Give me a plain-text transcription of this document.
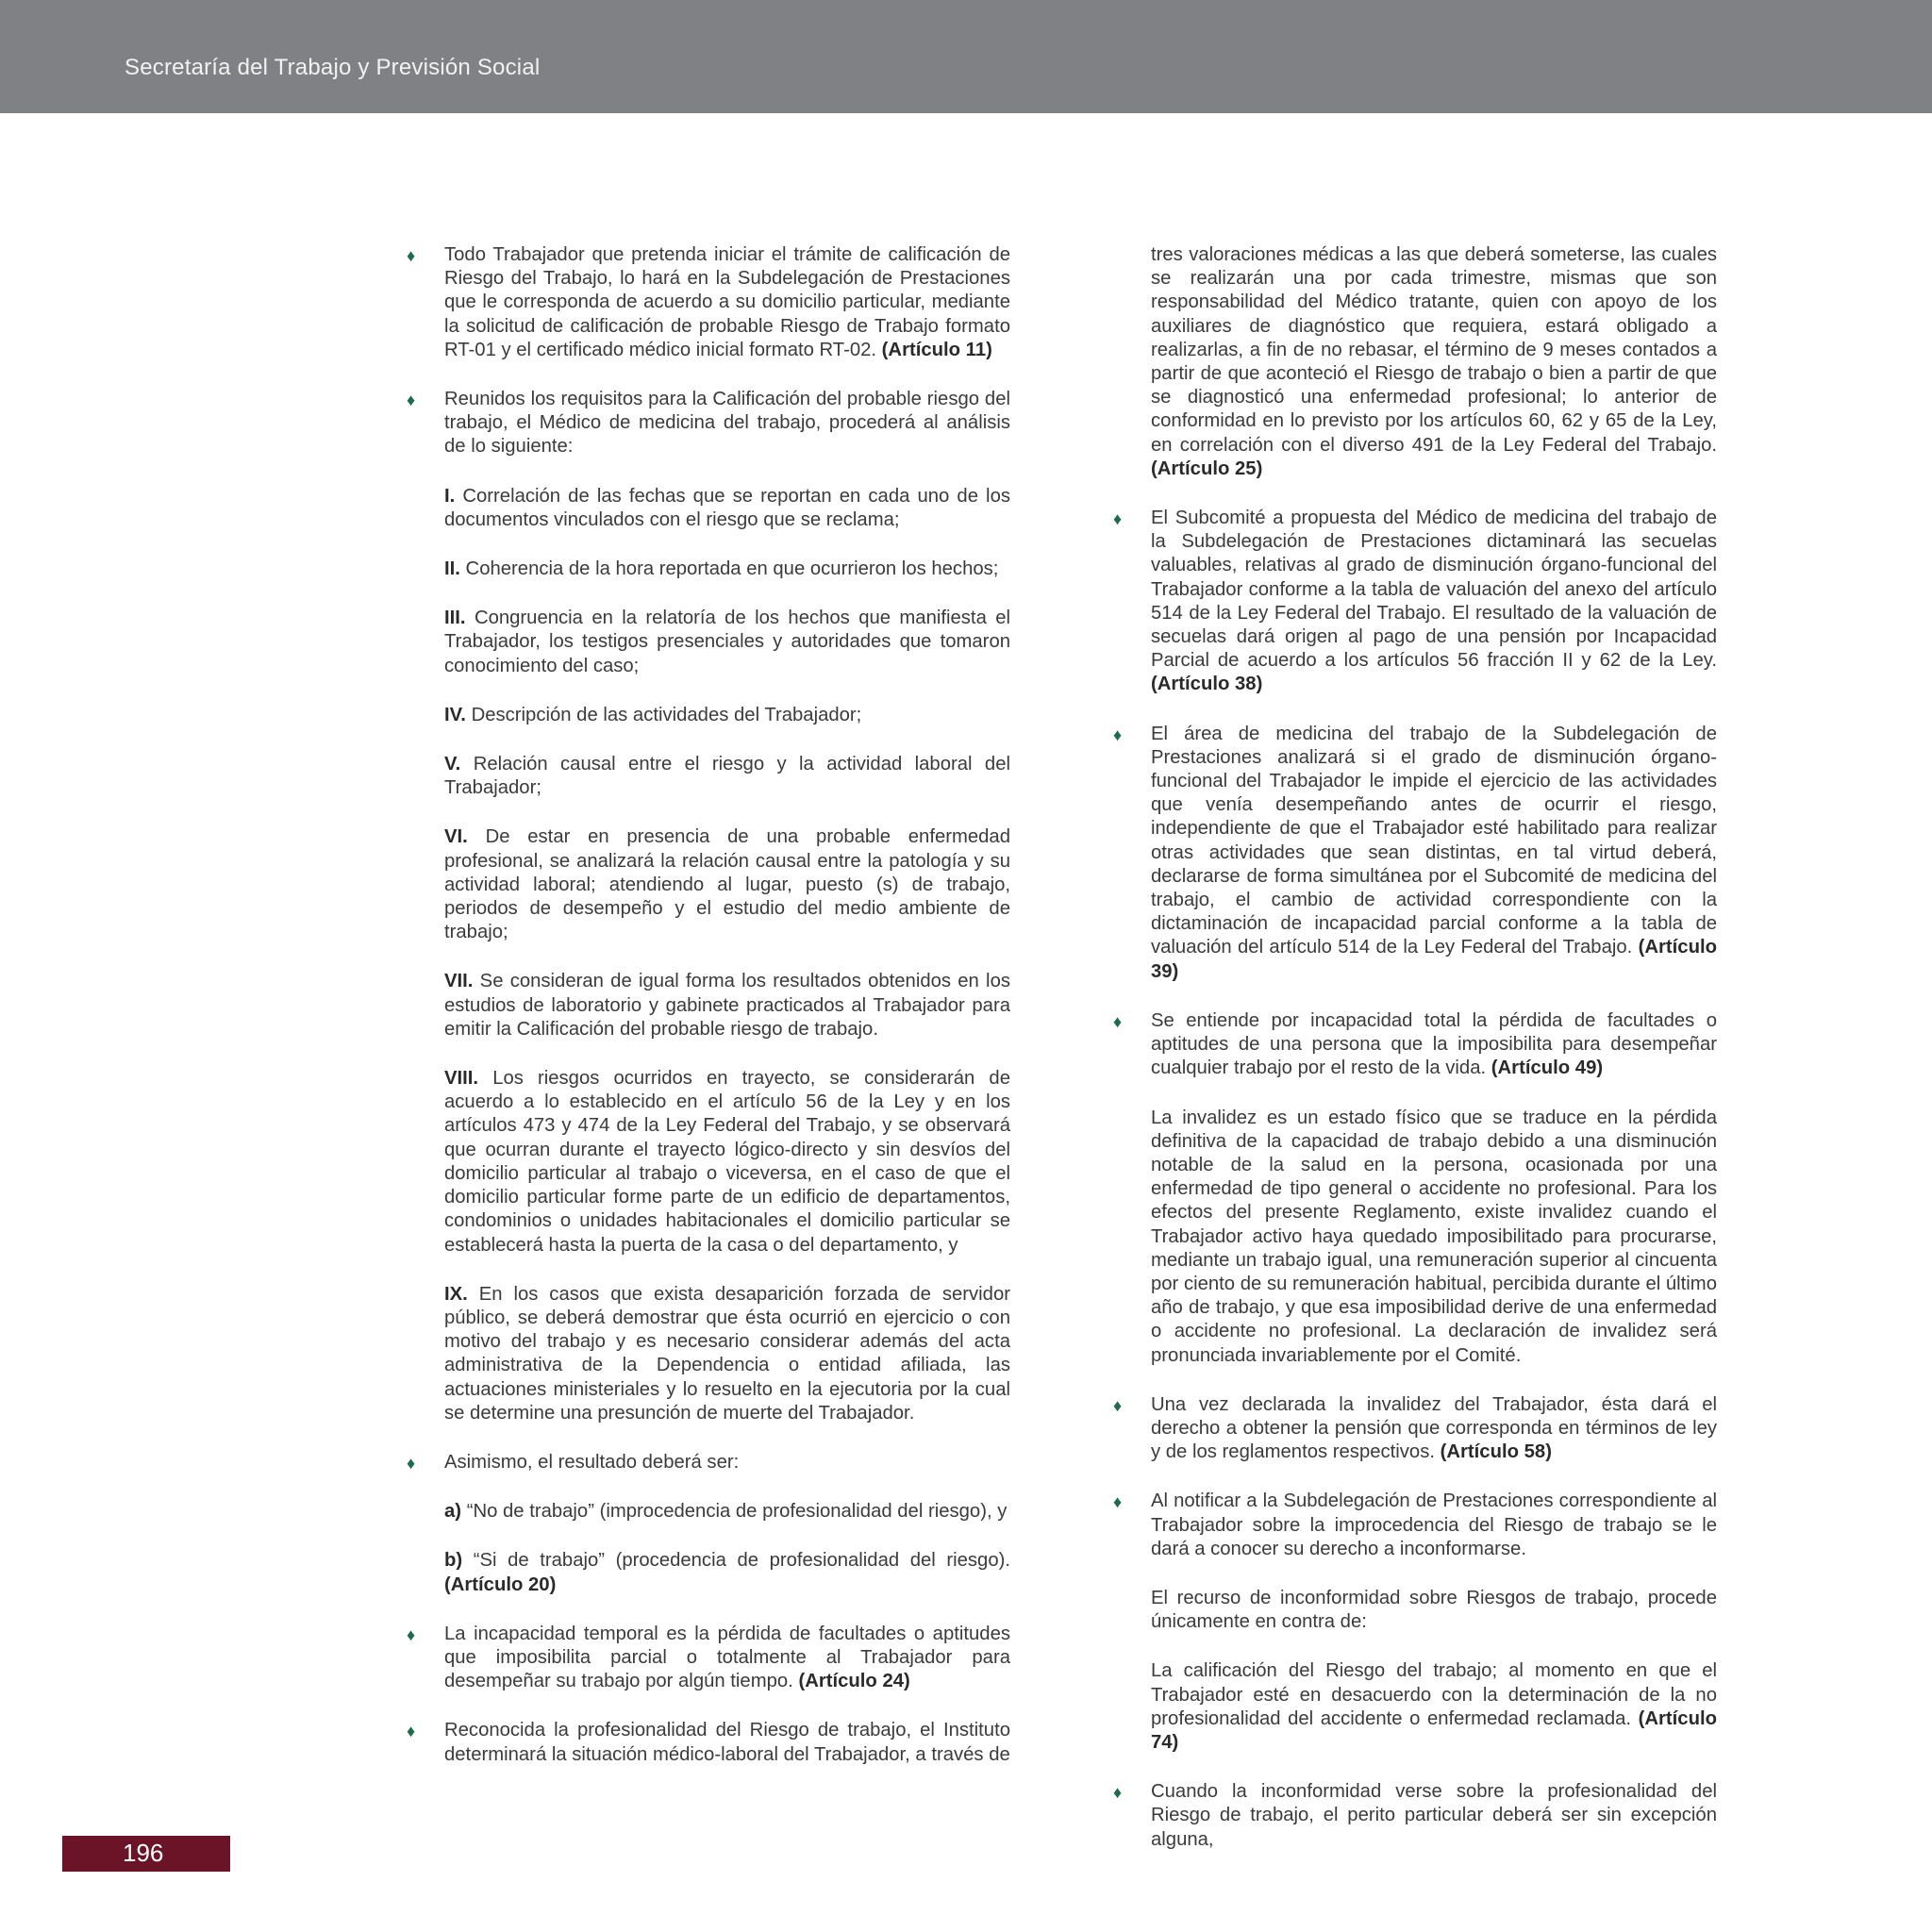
Secretaría del Trabajo y Previsión Social

♦ Todo Trabajador que pretenda iniciar el trámite de calificación de Riesgo del Trabajo, lo hará en la Subdelegación de Prestaciones que le corresponda de acuerdo a su domicilio particular, mediante la solicitud de calificación de probable Riesgo de Trabajo formato RT-01 y el certificado médico inicial formato RT-02. (Artículo 11)

♦ Reunidos los requisitos para la Calificación del probable riesgo del trabajo, el Médico de medicina del trabajo, procederá al análisis de lo siguiente:

I. Correlación de las fechas que se reportan en cada uno de los documentos vinculados con el riesgo que se reclama;

II. Coherencia de la hora reportada en que ocurrieron los hechos;

III. Congruencia en la relatoría de los hechos que manifiesta el Trabajador, los testigos presenciales y autoridades que tomaron conocimiento del caso;

IV. Descripción de las actividades del Trabajador;

V. Relación causal entre el riesgo y la actividad laboral del Trabajador;

VI. De estar en presencia de una probable enfermedad profesional, se analizará la relación causal entre la patología y su actividad laboral; atendiendo al lugar, puesto (s) de trabajo, periodos de desempeño y el estudio del medio ambiente de trabajo;

VII. Se consideran de igual forma los resultados obtenidos en los estudios de laboratorio y gabinete practicados al Trabajador para emitir la Calificación del probable riesgo de trabajo.

VIII. Los riesgos ocurridos en trayecto, se considerarán de acuerdo a lo establecido en el artículo 56 de la Ley y en los artículos 473 y 474 de la Ley Federal del Trabajo, y se observará que ocurran durante el trayecto lógico-directo y sin desvíos del domicilio particular al trabajo o viceversa, en el caso de que el domicilio particular forme parte de un edificio de departamentos, condominios o unidades habitacionales el domicilio particular se establecerá hasta la puerta de la casa o del departamento, y

IX. En los casos que exista desaparición forzada de servidor público, se deberá demostrar que ésta ocurrió en ejercicio o con motivo del trabajo y es necesario considerar además del acta administrativa de la Dependencia o entidad afiliada, las actuaciones ministeriales y lo resuelto en la ejecutoria por la cual se determine una presunción de muerte del Trabajador.

♦ Asimismo, el resultado deberá ser:

a) “No de trabajo” (improcedencia de profesionalidad del riesgo), y

b) “Si de trabajo” (procedencia de profesionalidad del riesgo). (Artículo 20)

♦ La incapacidad temporal es la pérdida de facultades o aptitudes que imposibilita parcial o totalmente al Trabajador para desempeñar su trabajo por algún tiempo. (Artículo 24)

♦ Reconocida la profesionalidad del Riesgo de trabajo, el Instituto determinará la situación médico-laboral del Trabajador, a través de

tres valoraciones médicas a las que deberá someterse, las cuales se realizarán una por cada trimestre, mismas que son responsabilidad del Médico tratante, quien con apoyo de los auxiliares de diagnóstico que requiera, estará obligado a realizarlas, a fin de no rebasar, el término de 9 meses contados a partir de que aconteció el Riesgo de trabajo o bien a partir de que se diagnosticó una enfermedad profesional; lo anterior de conformidad en lo previsto por los artículos 60, 62 y 65 de la Ley, en correlación con el diverso 491 de la Ley Federal del Trabajo. (Artículo 25)

♦ El Subcomité a propuesta del Médico de medicina del trabajo de la Subdelegación de Prestaciones dictaminará las secuelas valuables, relativas al grado de disminución órgano-funcional del Trabajador conforme a la tabla de valuación del anexo del artículo 514 de la Ley Federal del Trabajo. El resultado de la valuación de secuelas dará origen al pago de una pensión por Incapacidad Parcial de acuerdo a los artículos 56 fracción II y 62 de la Ley. (Artículo 38)

♦ El área de medicina del trabajo de la Subdelegación de Prestaciones analizará si el grado de disminución órgano-funcional del Trabajador le impide el ejercicio de las actividades que venía desempeñando antes de ocurrir el riesgo, independiente de que el Trabajador esté habilitado para realizar otras actividades que sean distintas, en tal virtud deberá, declararse de forma simultánea por el Subcomité de medicina del trabajo, el cambio de actividad correspondiente con la dictaminación de incapacidad parcial conforme a la tabla de valuación del artículo 514 de la Ley Federal del Trabajo. (Artículo 39)

♦ Se entiende por incapacidad total la pérdida de facultades o aptitudes de una persona que la imposibilita para desempeñar cualquier trabajo por el resto de la vida. (Artículo 49)

La invalidez es un estado físico que se traduce en la pérdida definitiva de la capacidad de trabajo debido a una disminución notable de la salud en la persona, ocasionada por una enfermedad de tipo general o accidente no profesional. Para los efectos del presente Reglamento, existe invalidez cuando el Trabajador activo haya quedado imposibilitado para procurarse, mediante un trabajo igual, una remuneración superior al cincuenta por ciento de su remuneración habitual, percibida durante el último año de trabajo, y que esa imposibilidad derive de una enfermedad o accidente no profesional. La declaración de invalidez será pronunciada invariablemente por el Comité.

♦ Una vez declarada la invalidez del Trabajador, ésta dará el derecho a obtener la pensión que corresponda en términos de ley y de los reglamentos respectivos. (Artículo 58)

♦ Al notificar a la Subdelegación de Prestaciones correspondiente al Trabajador sobre la improcedencia del Riesgo de trabajo se le dará a conocer su derecho a inconformarse.

El recurso de inconformidad sobre Riesgos de trabajo, procede únicamente en contra de:

La calificación del Riesgo del trabajo; al momento en que el Trabajador esté en desacuerdo con la determinación de la no profesionalidad del accidente o enfermedad reclamada. (Artículo 74)

♦ Cuando la inconformidad verse sobre la profesionalidad del Riesgo de trabajo, el perito particular deberá ser sin excepción alguna,

196
